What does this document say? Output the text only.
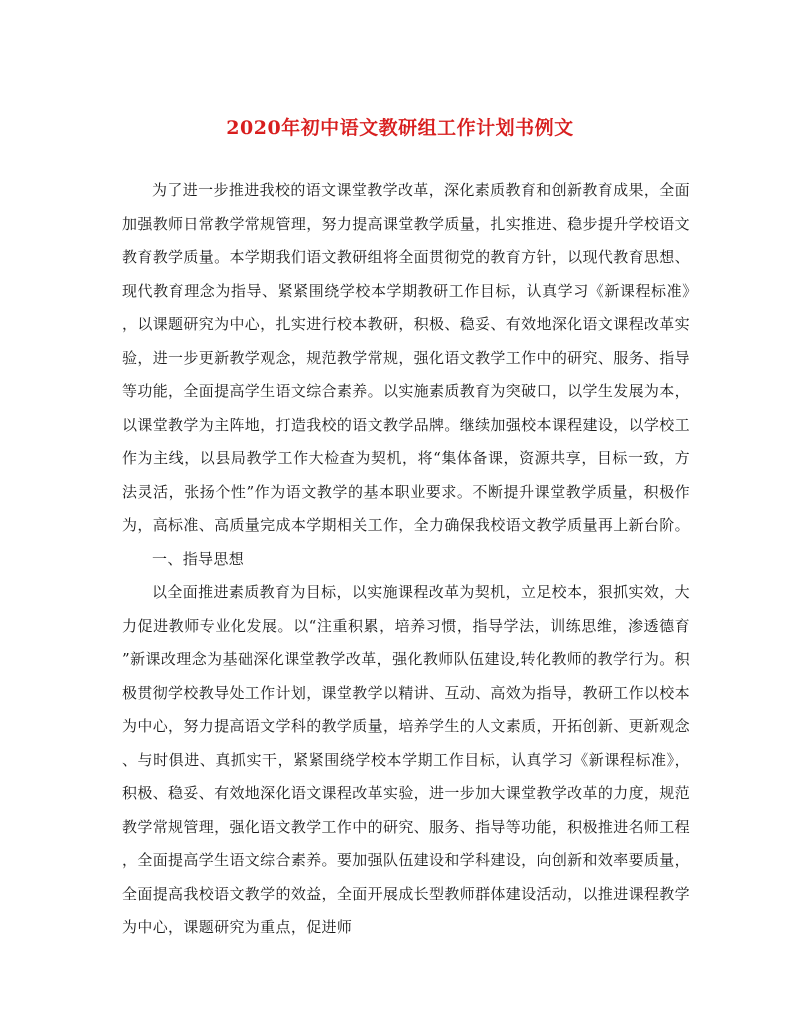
2020年初中语文教研组工作计划书例文

为了进一步推进我校的语文课堂教学改革，深化素质教育和创新教育成果，全面加强教师日常教学常规管理，努力提高课堂教学质量，扎实推进、稳步提升学校语文教育教学质量。本学期我们语文教研组将全面贯彻党的教育方针，以现代教育思想、现代教育理念为指导、紧紧围绕学校本学期教研工作目标，认真学习《新课程标准》，以课题研究为中心，扎实进行校本教研，积极、稳妥、有效地深化语文课程改革实验，进一步更新教学观念，规范教学常规，强化语文教学工作中的研究、服务、指导等功能，全面提高学生语文综合素养。以实施素质教育为突破口，以学生发展为本，以课堂教学为主阵地，打造我校的语文教学品牌。继续加强校本课程建设，以学校工作为主线，以县局教学工作大检查为契机，将“集体备课，资源共享，目标一致，方法灵活，张扬个性”作为语文教学的基本职业要求。不断提升课堂教学质量，积极作为，高标准、高质量完成本学期相关工作，全力确保我校语文教学质量再上新台阶。

一、指导思想

以全面推进素质教育为目标，以实施课程改革为契机，立足校本，狠抓实效，大力促进教师专业化发展。以“注重积累，培养习惯，指导学法，训练思维，渗透德育”新课改理念为基础深化课堂教学改革，强化教师队伍建设,转化教师的教学行为。积极贯彻学校教导处工作计划，课堂教学以精讲、互动、高效为指导，教研工作以校本为中心，努力提高语文学科的教学质量，培养学生的人文素质，开拓创新、更新观念、与时俱进、真抓实干，紧紧围绕学校本学期工作目标，认真学习《新课程标准》，积极、稳妥、有效地深化语文课程改革实验，进一步加大课堂教学改革的力度，规范教学常规管理，强化语文教学工作中的研究、服务、指导等功能，积极推进名师工程，全面提高学生语文综合素养。要加强队伍建设和学科建设，向创新和效率要质量，全面提高我校语文教学的效益，全面开展成长型教师群体建设活动，以推进课程教学为中心，课题研究为重点，促进师
